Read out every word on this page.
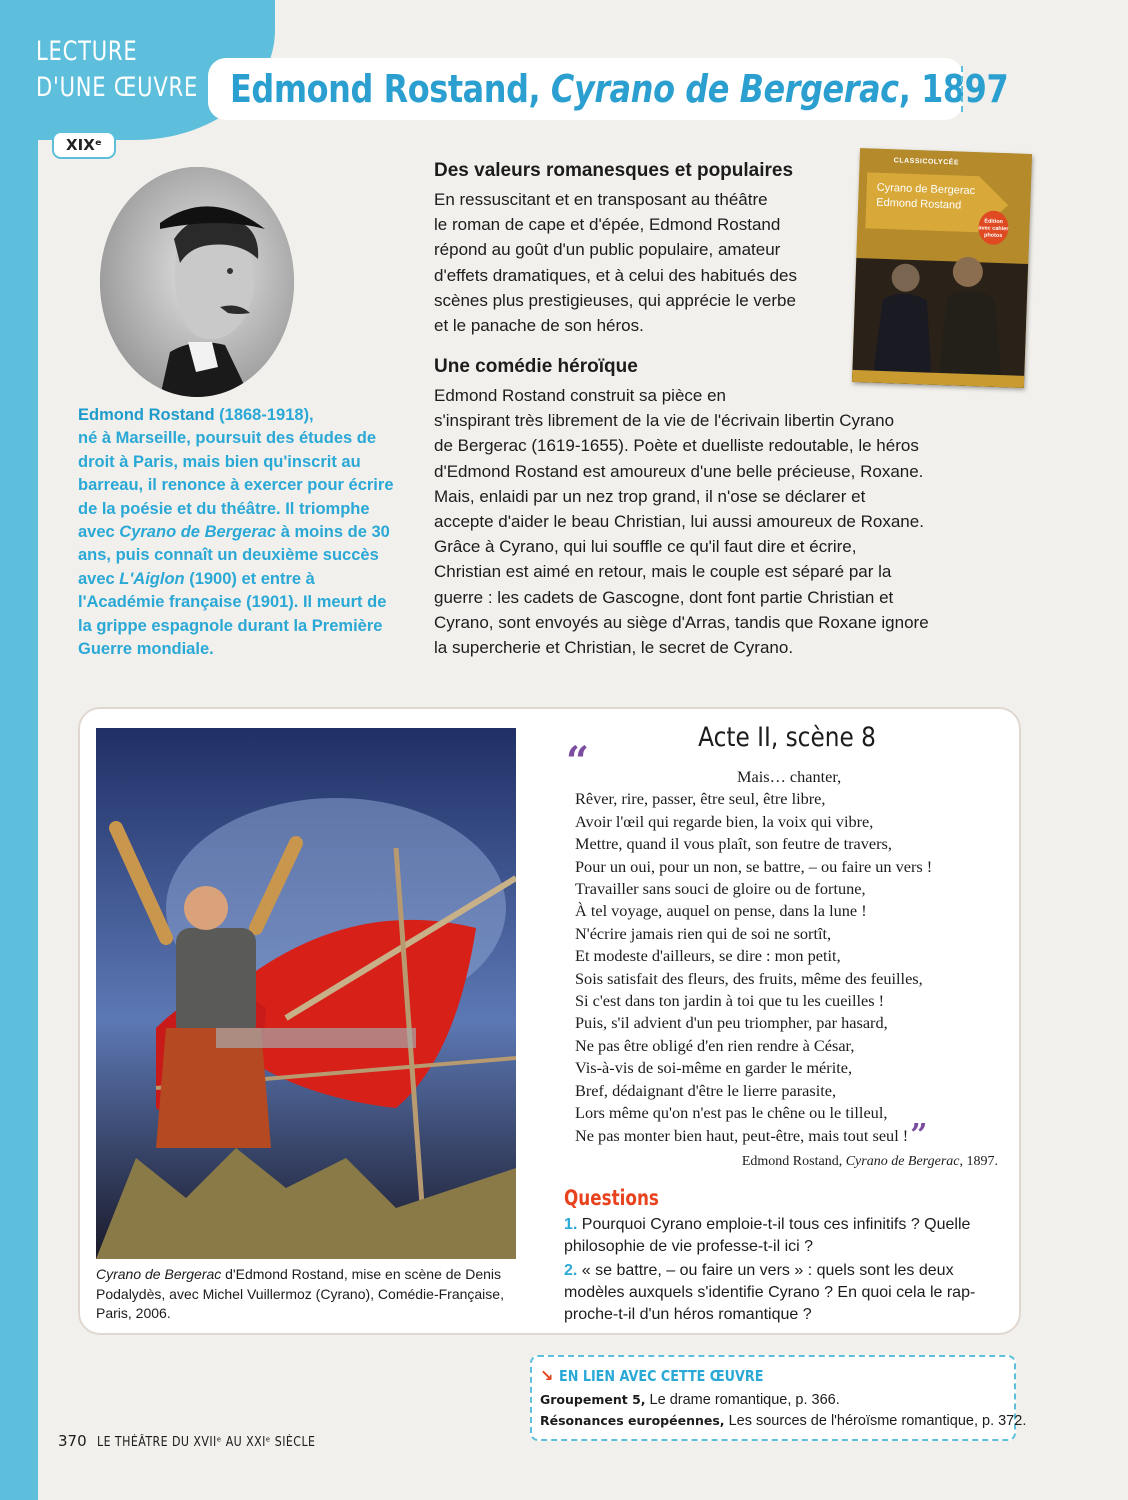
LECTURE
D'UNE ŒUVRE
XIXᵉ
Edmond Rostand, Cyrano de Bergerac, 1897
Edmond Rostand (1868-1918),
né à Marseille, poursuit des études de droit à Paris, mais bien qu'inscrit au barreau, il renonce à exercer pour écrire de la poésie et du théâtre. Il triomphe avec Cyrano de Bergerac à moins de 30 ans, puis connaît un deuxième succès avec L'Aiglon (1900) et entre à l'Académie française (1901). Il meurt de la grippe espagnole durant la Première Guerre mondiale.
Des valeurs romanesques et populaires
En ressuscitant et en transposant au théâtre
le roman de cape et d'épée, Edmond Rostand
répond au goût d'un public populaire, amateur
d'effets dramatiques, et à celui des habitués des
scènes plus prestigieuses, qui apprécie le verbe
et le panache de son héros.
Une comédie héroïque
Edmond Rostand construit sa pièce en
s'inspirant très librement de la vie de l'écrivain libertin Cyrano
de Bergerac (1619-1655). Poète et duelliste redoutable, le héros
d'Edmond Rostand est amoureux d'une belle précieuse, Roxane.
Mais, enlaidi par un nez trop grand, il n'ose se déclarer et
accepte d'aider le beau Christian, lui aussi amoureux de Roxane.
Grâce à Cyrano, qui lui souffle ce qu'il faut dire et écrire,
Christian est aimé en retour, mais le couple est séparé par la
guerre : les cadets de Gascogne, dont font partie Christian et
Cyrano, sont envoyés au siège d'Arras, tandis que Roxane ignore
la supercherie et Christian, le secret de Cyrano.
CLASSICOLYCÉE
Cyrano de Bergerac
Edmond Rostand
Édition
avec cahier
photos
Cyrano de Bergerac d'Edmond Rostand, mise en scène de Denis Podalydès, avec Michel Vuillermoz (Cyrano), Comédie-Française, Paris, 2006.
Acte II, scène 8
“	Mais… chanter,
Rêver, rire, passer, être seul, être libre,
Avoir l'œil qui regarde bien, la voix qui vibre,
Mettre, quand il vous plaît, son feutre de travers,
Pour un oui, pour un non, se battre, – ou faire un vers !
Travailler sans souci de gloire ou de fortune,
À tel voyage, auquel on pense, dans la lune !
N'écrire jamais rien qui de soi ne sortît,
Et modeste d'ailleurs, se dire : mon petit,
Sois satisfait des fleurs, des fruits, même des feuilles,
Si c'est dans ton jardin à toi que tu les cueilles !
Puis, s'il advient d'un peu triompher, par hasard,
Ne pas être obligé d'en rien rendre à César,
Vis-à-vis de soi-même en garder le mérite,
Bref, dédaignant d'être le lierre parasite,
Lors même qu'on n'est pas le chêne ou le tilleul,
Ne pas monter bien haut, peut-être, mais tout seul !”
Edmond Rostand, Cyrano de Bergerac, 1897.
Questions
1. Pourquoi Cyrano emploie-t-il tous ces infinitifs ? Quelle philosophie de vie professe-t-il ici ?
2. « se battre, – ou faire un vers » : quels sont les deux modèles auxquels s'identifie Cyrano ? En quoi cela le rap-proche-t-il d'un héros romantique ?
↘ EN LIEN AVEC CETTE ŒUVRE
Groupement 5, Le drame romantique, p. 366.
Résonances européennes, Les sources de l'héroïsme romantique, p. 372.
370 LE THÉÂTRE DU XVIIᵉ AU XXIᵉ SIÈCLE
